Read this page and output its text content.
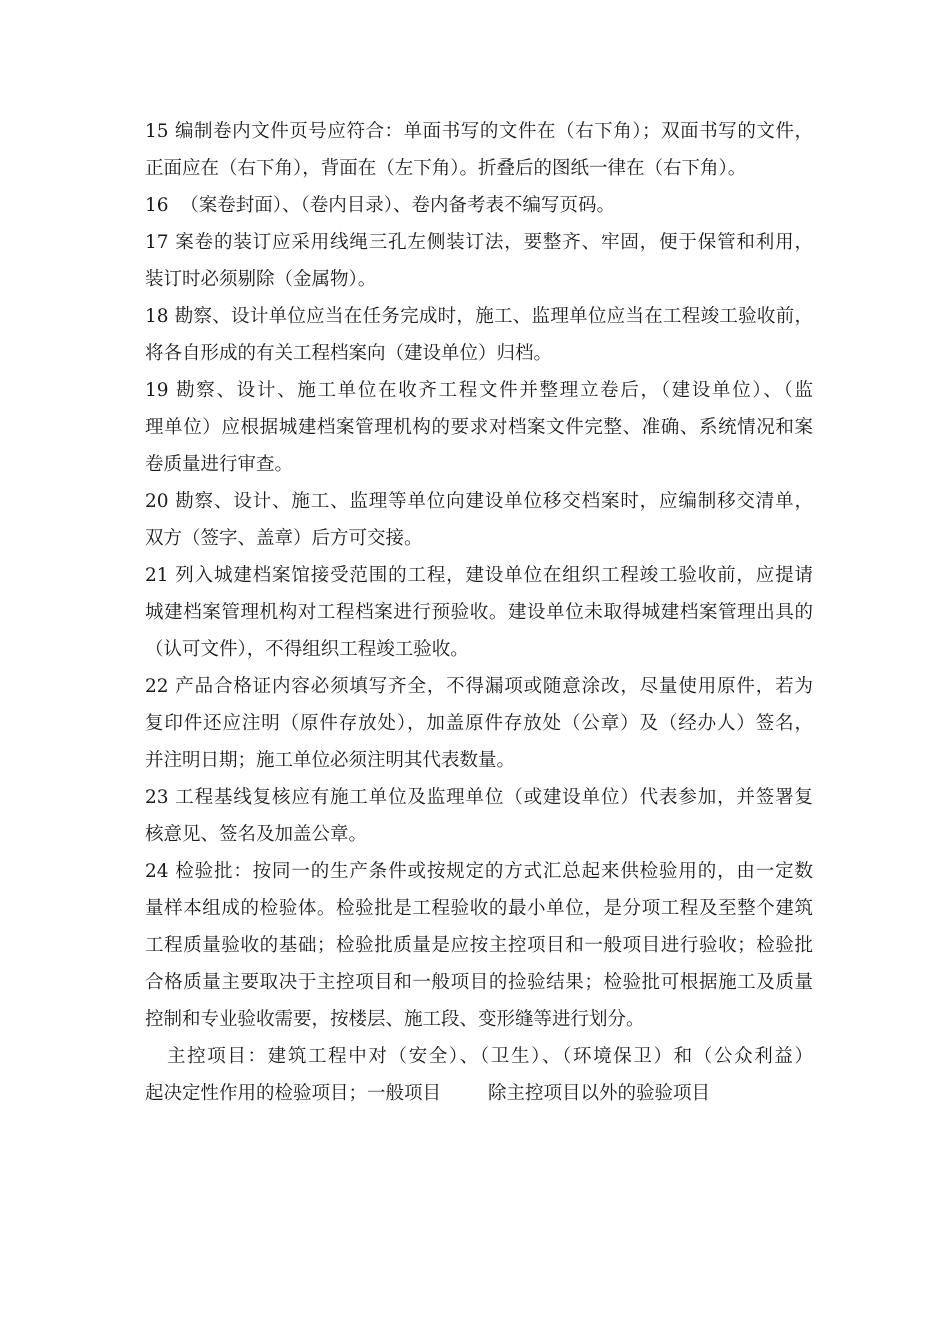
15 编制卷内文件页号应符合：单面书写的文件在（右下角）；双面书写的文件，
正面应在（右下角），背面在（左下角）。折叠后的图纸一律在（右下角）。
16  （案卷封面）、（卷内目录）、卷内备考表不编写页码。
17 案卷的装订应采用线绳三孔左侧装订法，要整齐、牢固，便于保管和利用，
装订时必须剔除（金属物）。
18 勘察、设计单位应当在任务完成时，施工、监理单位应当在工程竣工验收前，
将各自形成的有关工程档案向（建设单位）归档。
19 勘察、设计、施工单位在收齐工程文件并整理立卷后，（建设单位）、（监
理单位）应根据城建档案管理机构的要求对档案文件完整、准确、系统情况和案
卷质量进行审查。
20 勘察、设计、施工、监理等单位向建设单位移交档案时，应编制移交清单，
双方（签字、盖章）后方可交接。
21 列入城建档案馆接受范围的工程，建设单位在组织工程竣工验收前，应提请
城建档案管理机构对工程档案进行预验收。建设单位未取得城建档案管理出具的
（认可文件），不得组织工程竣工验收。
22 产品合格证内容必须填写齐全，不得漏项或随意涂改，尽量使用原件，若为
复印件还应注明（原件存放处），加盖原件存放处（公章）及（经办人）签名，
并注明日期；施工单位必须注明其代表数量。
23 工程基线复核应有施工单位及监理单位（或建设单位）代表参加，并签署复
核意见、签名及加盖公章。
24 检验批：按同一的生产条件或按规定的方式汇总起来供检验用的，由一定数
量样本组成的检验体。检验批是工程验收的最小单位，是分项工程及至整个建筑
工程质量验收的基础；检验批质量是应按主控项目和一般项目进行验收；检验批
合格质量主要取决于主控项目和一般项目的捡验结果；检验批可根据施工及质量
控制和专业验收需要，按楼层、施工段、变形缝等进行划分。
主控项目：建筑工程中对（安全）、（卫生）、（环境保卫）和（公众利益）
起决定性作用的检验项目；一般项目        除主控项目以外的验验项目
